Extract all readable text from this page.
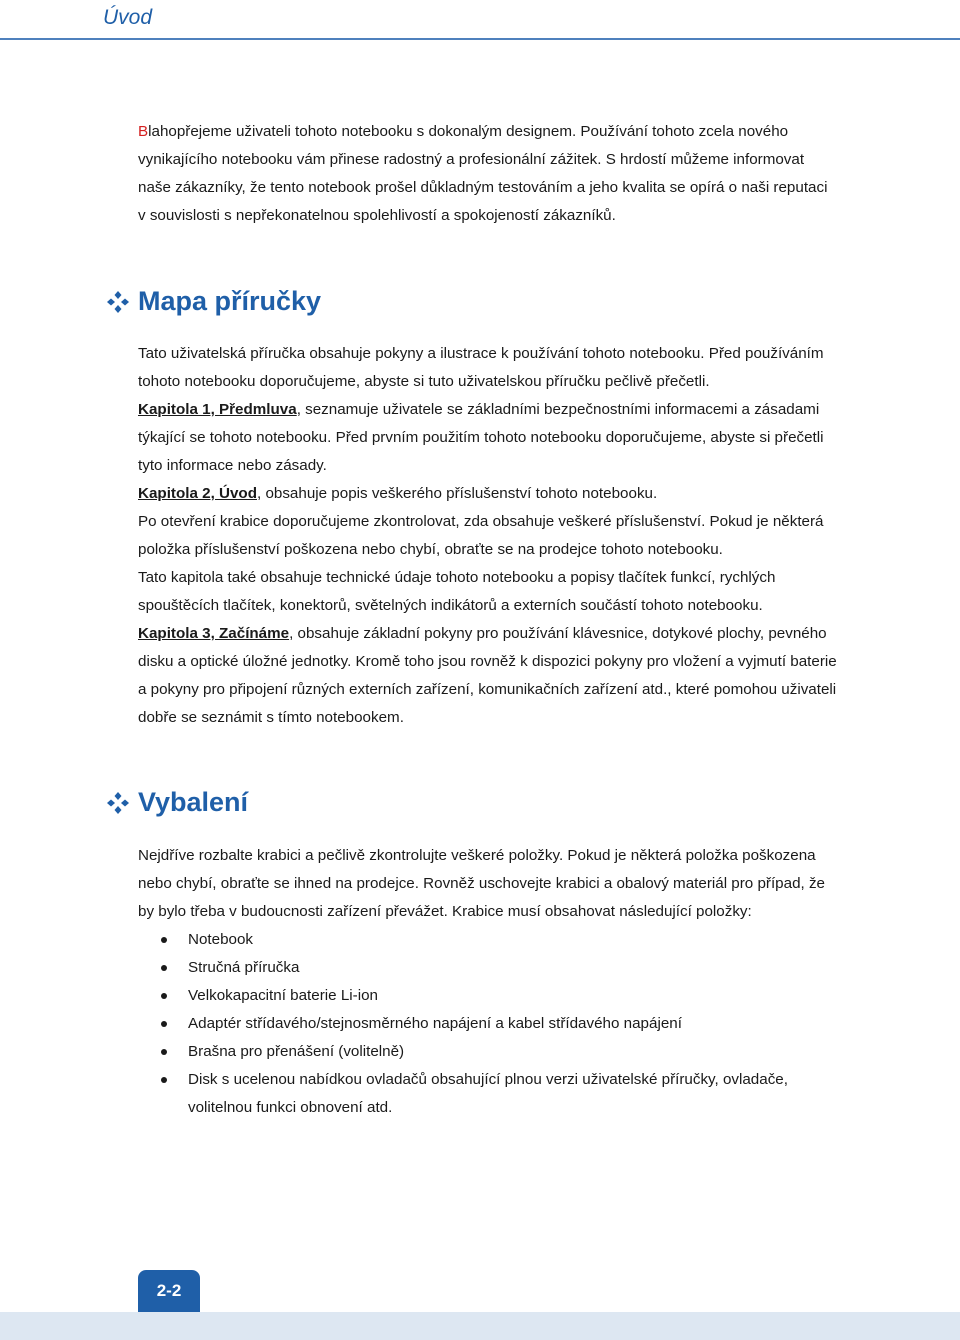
Úvod

Blahopřejeme uživateli tohoto notebooku s dokonalým designem. Používání tohoto zcela nového vynikajícího notebooku vám přinese radostný a profesionální zážitek. S hrdostí můžeme informovat naše zákazníky, že tento notebook prošel důkladným testováním a jeho kvalita se opírá o naši reputaci v souvislosti s nepřekonatelnou spolehlivostí a spokojeností zákazníků.

Mapa příručky

Tato uživatelská příručka obsahuje pokyny a ilustrace k používání tohoto notebooku. Před používáním tohoto notebooku doporučujeme, abyste si tuto uživatelskou příručku pečlivě přečetli.

Kapitola 1, Předmluva, seznamuje uživatele se základními bezpečnostními informacemi a zásadami týkající se tohoto notebooku. Před prvním použitím tohoto notebooku doporučujeme, abyste si přečetli tyto informace nebo zásady.

Kapitola 2, Úvod, obsahuje popis veškerého příslušenství tohoto notebooku.

Po otevření krabice doporučujeme zkontrolovat, zda obsahuje veškeré příslušenství. Pokud je některá položka příslušenství poškozena nebo chybí, obraťte se na prodejce tohoto notebooku.

Tato kapitola také obsahuje technické údaje tohoto notebooku a popisy tlačítek funkcí, rychlých spouštěcích tlačítek, konektorů, světelných indikátorů a externích součástí tohoto notebooku.

Kapitola 3, Začínáme, obsahuje základní pokyny pro používání klávesnice, dotykové plochy, pevného disku a optické úložné jednotky. Kromě toho jsou rovněž k dispozici pokyny pro vložení a vyjmutí baterie a pokyny pro připojení různých externích zařízení, komunikačních zařízení atd., které pomohou uživateli dobře se seznámit s tímto notebookem.

Vybalení

Nejdříve rozbalte krabici a pečlivě zkontrolujte veškeré položky. Pokud je některá položka poškozena nebo chybí, obraťte se ihned na prodejce. Rovněž uschovejte krabici a obalový materiál pro případ, že by bylo třeba v budoucnosti zařízení převážet. Krabice musí obsahovat následující položky:

Notebook
Stručná příručka
Velkokapacitní baterie Li-ion
Adaptér střídavého/stejnosměrného napájení a kabel střídavého napájení
Brašna pro přenášení (volitelně)
Disk s ucelenou nabídkou ovladačů obsahující plnou verzi uživatelské příručky, ovladače, volitelnou funkci obnovení atd.
2-2
